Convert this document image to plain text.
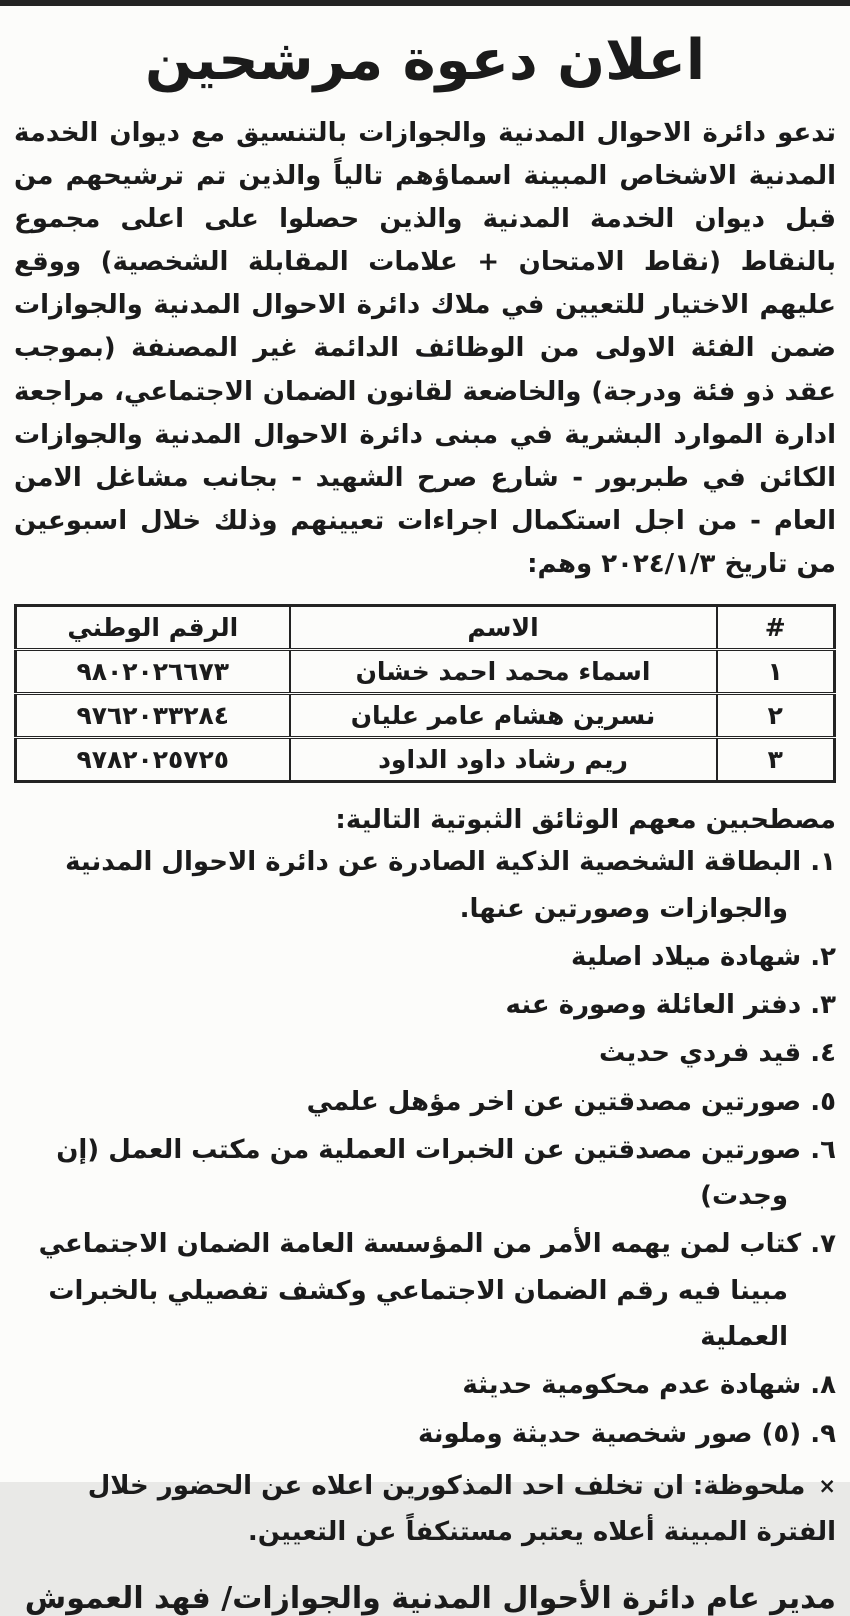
اعلان دعوة مرشحين

تدعو دائرة الاحوال المدنية والجوازات بالتنسيق مع ديوان الخدمة المدنية الاشخاص المبينة اسماؤهم تالياً والذين تم ترشيحهم من قبل ديوان الخدمة المدنية والذين حصلوا على اعلى مجموع بالنقاط (نقاط الامتحان + علامات المقابلة الشخصية) ووقع عليهم الاختيار للتعيين في ملاك دائرة الاحوال المدنية والجوازات ضمن الفئة الاولى من الوظائف الدائمة غير المصنفة (بموجب عقد ذو فئة ودرجة) والخاضعة لقانون الضمان الاجتماعي، مراجعة ادارة الموارد البشرية في مبنى دائرة الاحوال المدنية والجوازات الكائن في طبربور - شارع صرح الشهيد - بجانب مشاغل الامن العام - من اجل استكمال اجراءات تعيينهم وذلك خلال اسبوعين من تاريخ ٢٠٢٤/١/٣ وهم:

#	الاسم	الرقم الوطني
١	اسماء محمد احمد خشان	٩٨٠٢٠٢٦٦٧٣
٢	نسرين هشام عامر عليان	٩٧٦٢٠٣٣٢٨٤
٣	ريم رشاد داود الداود	٩٧٨٢٠٢٥٧٢٥

مصطحبين معهم الوثائق الثبوتية التالية:

١. البطاقة الشخصية الذكية الصادرة عن دائرة الاحوال المدنية والجوازات وصورتين عنها.
٢. شهادة ميلاد اصلية
٣. دفتر العائلة وصورة عنه
٤. قيد فردي حديث
٥. صورتين مصدقتين عن اخر مؤهل علمي
٦. صورتين مصدقتين عن الخبرات العملية من مكتب العمل (إن وجدت)
٧. كتاب لمن يهمه الأمر من المؤسسة العامة الضمان الاجتماعي مبينا فيه رقم الضمان الاجتماعي وكشف تفصيلي بالخبرات العملية
٨. شهادة عدم محكومية حديثة
٩. (٥) صور شخصية حديثة وملونة

× ملحوظة: ان تخلف احد المذكورين اعلاه عن الحضور خلال الفترة المبينة أعلاه يعتبر مستنكفاً عن التعيين.

مدير عام دائرة الأحوال المدنية والجوازات/ فهد العموش
